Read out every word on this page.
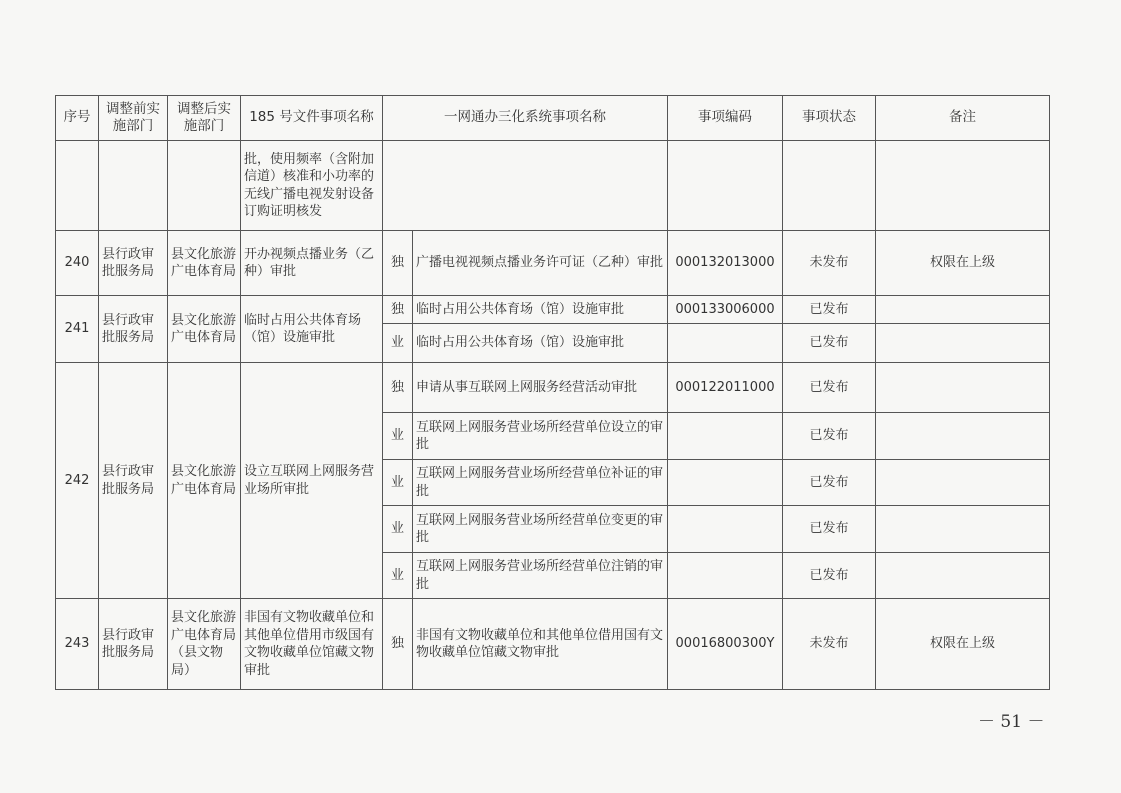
序号	调整前实施部门	调整后实施部门	185 号文件事项名称	一网通办三化系统事项名称		事项编码	事项状态	备注
			批，使用频率（含附加信道）核准和小功率的无线广播电视发射设备订购证明核发					
240	县行政审批服务局	县文化旅游广电体育局	开办视频点播业务（乙种）审批	独	广播电视视频点播业务许可证（乙种）审批	000132013000	未发布	权限在上级
241	县行政审批服务局	县文化旅游广电体育局	临时占用公共体育场（馆）设施审批	独	临时占用公共体育场（馆）设施审批	000133006000	已发布	
				业	临时占用公共体育场（馆）设施审批		已发布	
242	县行政审批服务局	县文化旅游广电体育局	设立互联网上网服务营业场所审批	独	申请从事互联网上网服务经营活动审批	000122011000	已发布	
				业	互联网上网服务营业场所经营单位设立的审批		已发布	
				业	互联网上网服务营业场所经营单位补证的审批		已发布	
				业	互联网上网服务营业场所经营单位变更的审批		已发布	
				业	互联网上网服务营业场所经营单位注销的审批		已发布	
243	县行政审批服务局	县文化旅游广电体育局（县文物局）	非国有文物收藏单位和其他单位借用市级国有文物收藏单位馆藏文物审批	独	非国有文物收藏单位和其他单位借用国有文物收藏单位馆藏文物审批	00016800300Y	未发布	权限在上级
－ 51 －
